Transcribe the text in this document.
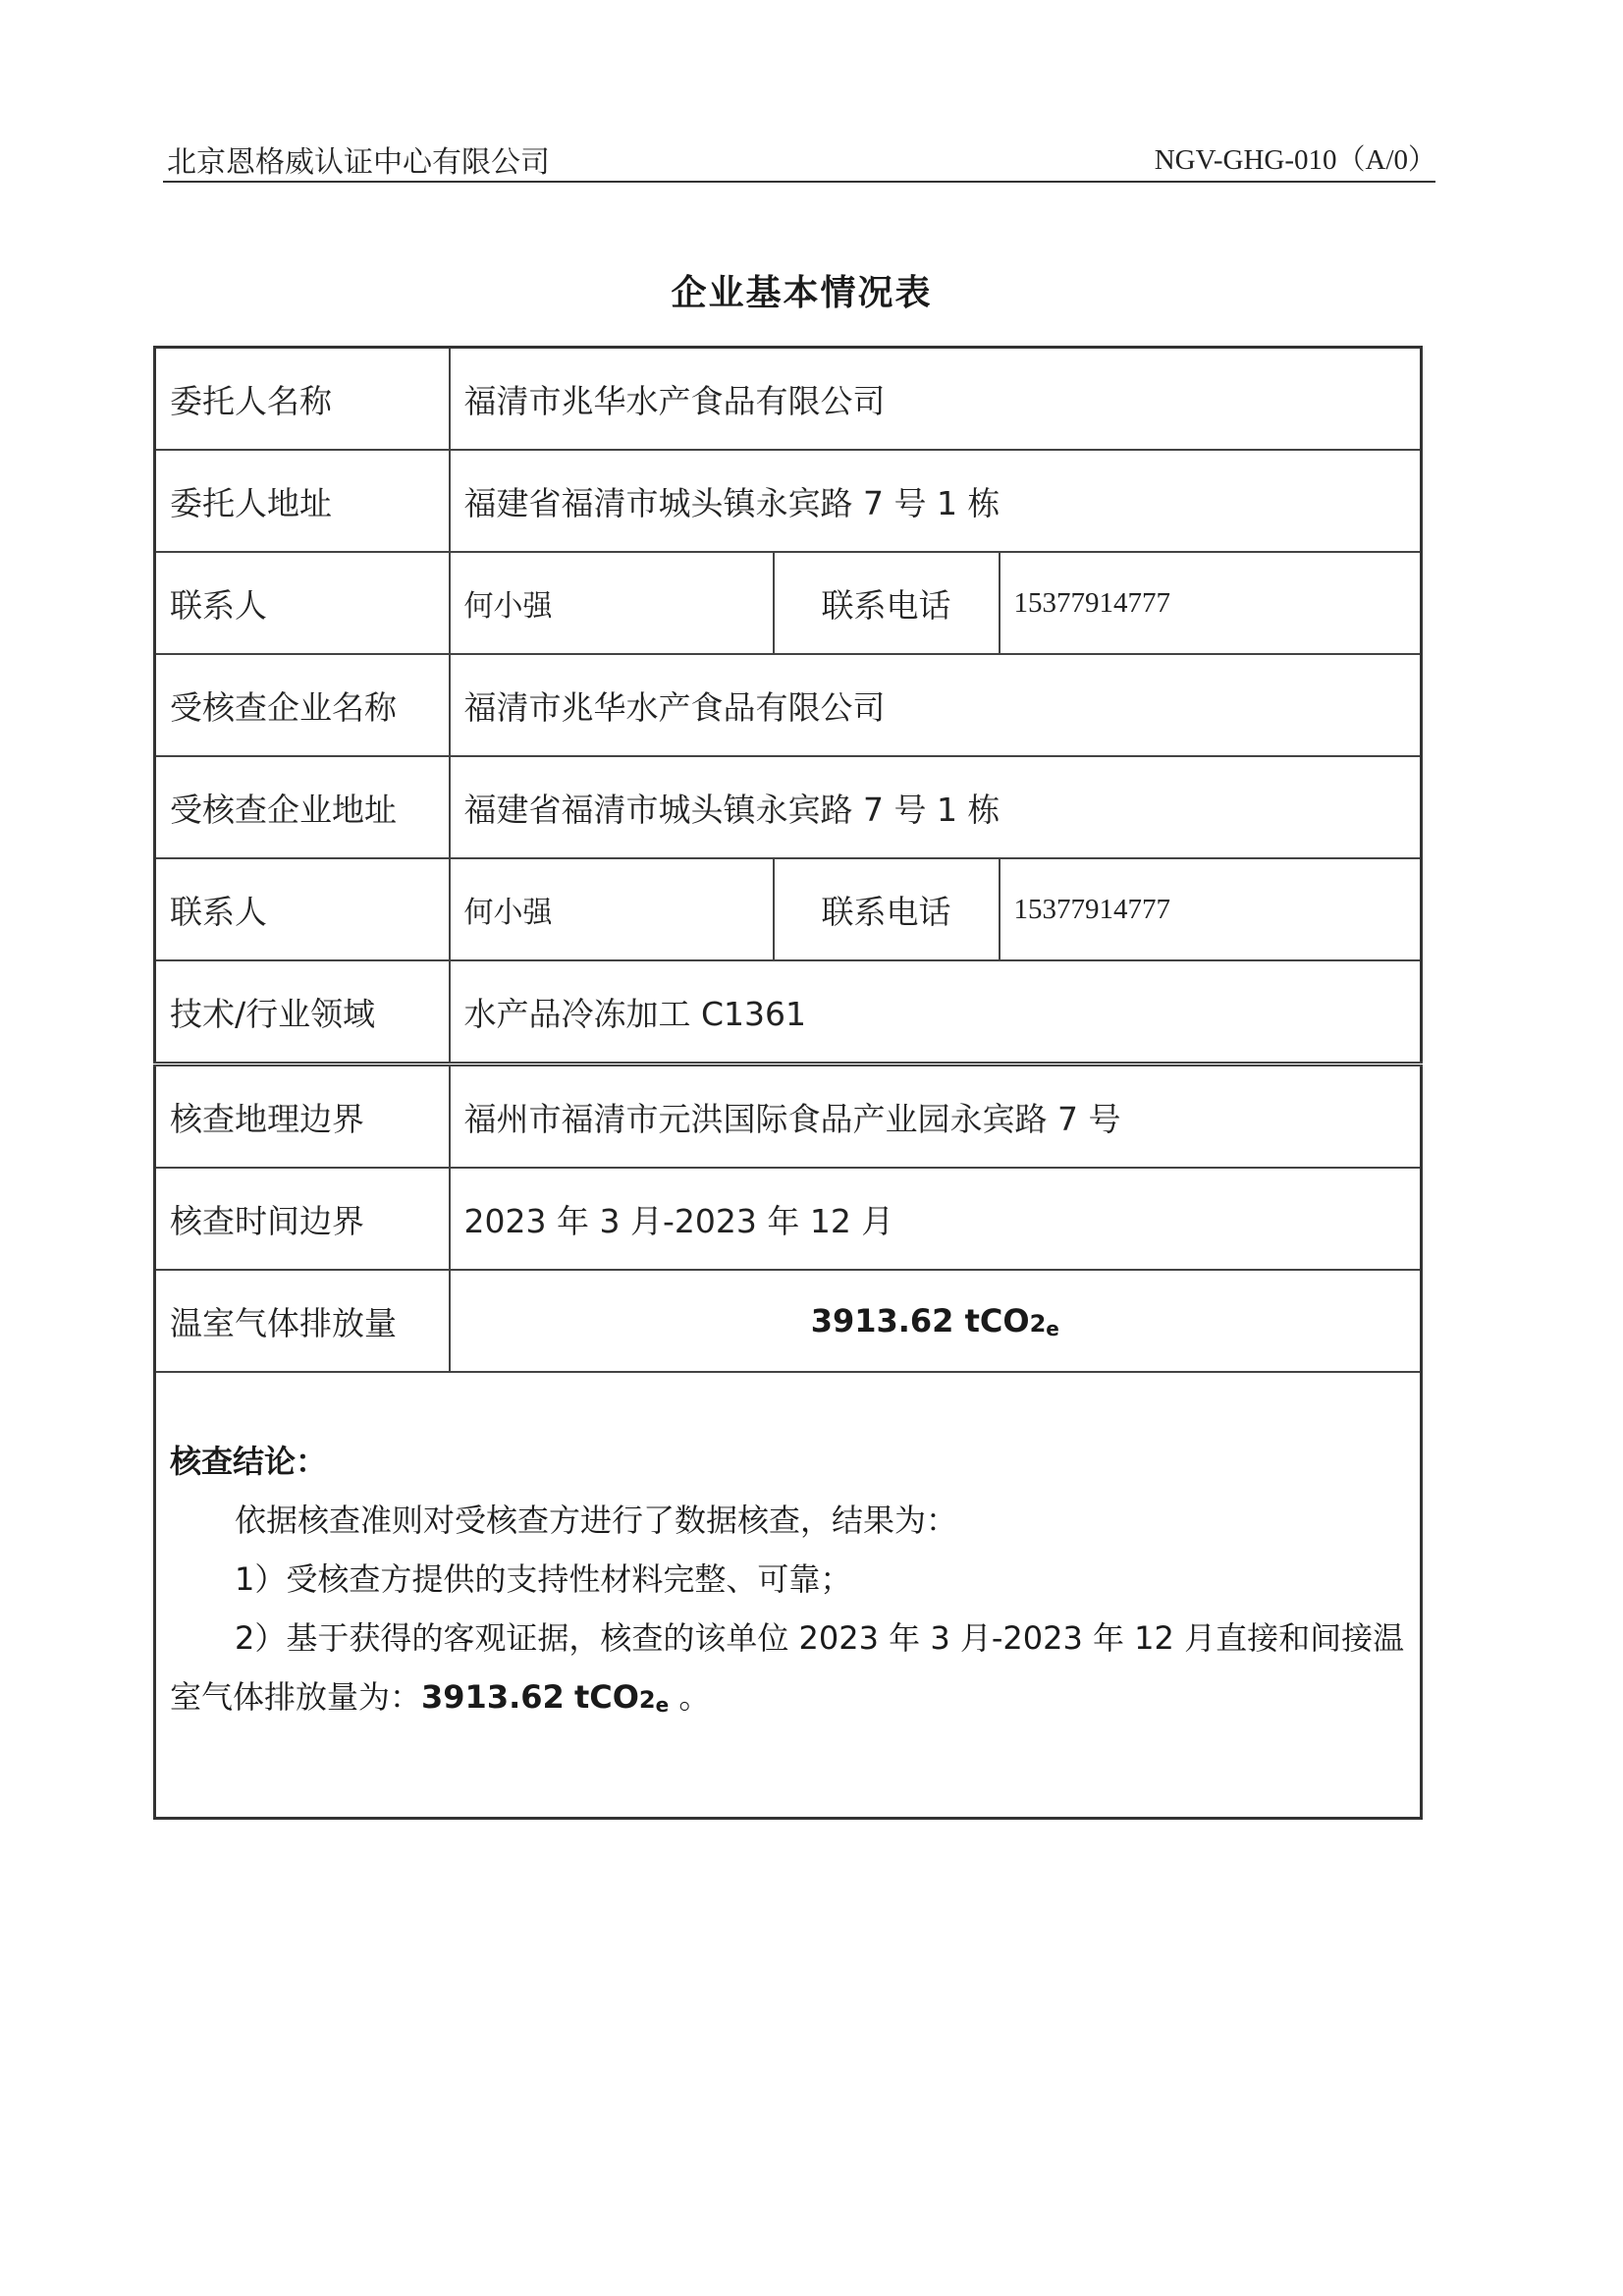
北京恩格威认证中心有限公司	NGV-GHG-010（A/0）
企业基本情况表
委托人名称	福清市兆华水产食品有限公司		
委托人地址	福建省福清市城头镇永宾路 7 号 1 栋		
联系人	何小强	联系电话	15377914777
受核查企业名称	福清市兆华水产食品有限公司		
受核查企业地址	福建省福清市城头镇永宾路 7 号 1 栋		
联系人	何小强	联系电话	15377914777
技术/行业领域	水产品冷冻加工 C1361		
核查地理边界	福州市福清市元洪国际食品产业园永宾路 7 号		
核查时间边界	2023 年 3 月-2023 年 12 月		
温室气体排放量	3913.62 tCO2e		

核查结论：
依据核查准则对受核查方进行了数据核查，结果为：
1）受核查方提供的支持性材料完整、可靠；
2）基于获得的客观证据，核查的该单位 2023 年 3 月-2023 年 12 月直接和间接温室气体排放量为：3913.62 tCO2e 。			
